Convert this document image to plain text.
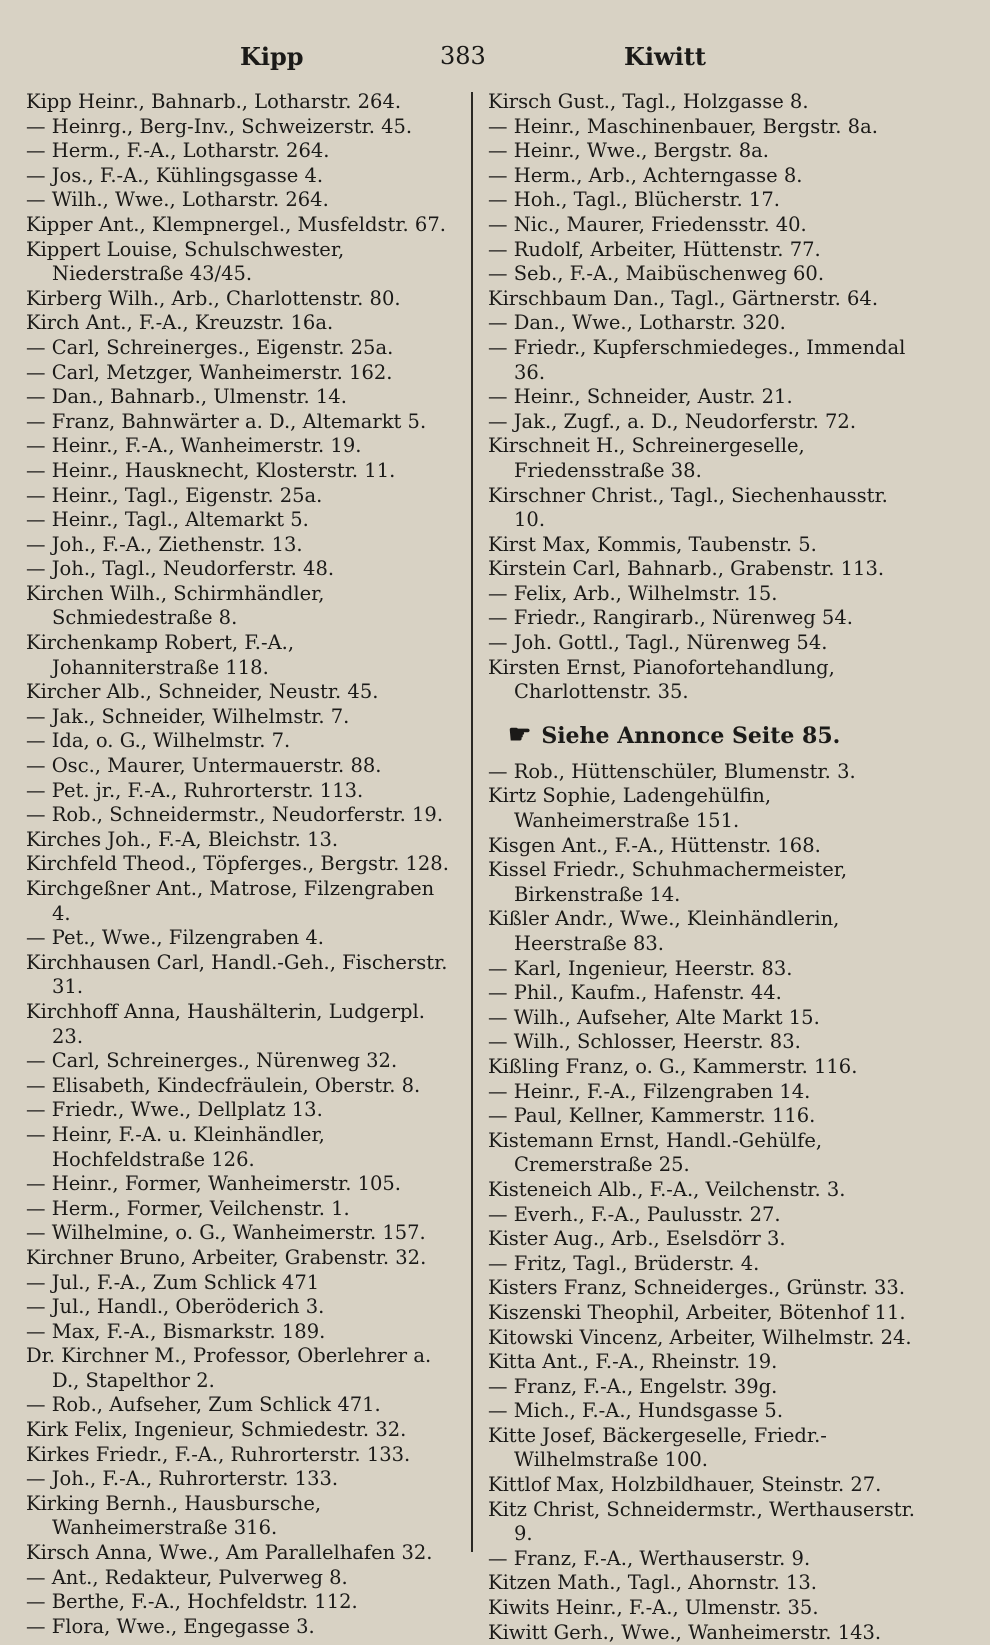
Kipp	383	Kiwitt
Kipp Heinr., Bahnarb., Lotharstr. 264.
— Heinrg., Berg-Inv., Schweizerstr. 45.
— Herm., F.-A., Lotharstr. 264.
— Jos., F.-A., Kühlingsgasse 4.
— Wilh., Wwe., Lotharstr. 264.
Kipper Ant., Klempnergel., Musfeldstr. 67.
Kippert Louise, Schulschwester, Niederstraße 43/45.
Kirberg Wilh., Arb., Charlottenstr. 80.
Kirch Ant., F.-A., Kreuzstr. 16a.
— Carl, Schreinerges., Eigenstr. 25a.
— Carl, Metzger, Wanheimerstr. 162.
— Dan., Bahnarb., Ulmenstr. 14.
— Franz, Bahnwärter a. D., Altemarkt 5.
— Heinr., F.-A., Wanheimerstr. 19.
— Heinr., Hausknecht, Klosterstr. 11.
— Heinr., Tagl., Eigenstr. 25a.
— Heinr., Tagl., Altemarkt 5.
— Joh., F.-A., Ziethenstr. 13.
— Joh., Tagl., Neudorferstr. 48.
Kirchen Wilh., Schirmhändler, Schmiedestraße 8.
Kirchenkamp Robert, F.-A., Johanniterstraße 118.
Kircher Alb., Schneider, Neustr. 45.
— Jak., Schneider, Wilhelmstr. 7.
— Ida, o. G., Wilhelmstr. 7.
— Osc., Maurer, Untermauerstr. 88.
— Pet. jr., F.-A., Ruhrorterstr. 113.
— Rob., Schneidermstr., Neudorferstr. 19.
Kirches Joh., F.-A, Bleichstr. 13.
Kirchfeld Theod., Töpferges., Bergstr. 128.
Kirchgeßner Ant., Matrose, Filzengraben 4.
— Pet., Wwe., Filzengraben 4.
Kirchhausen Carl, Handl.-Geh., Fischerstr. 31.
Kirchhoff Anna, Haushälterin, Ludgerpl. 23.
— Carl, Schreinerges., Nürenweg 32.
— Elisabeth, Kindecfräulein, Oberstr. 8.
— Friedr., Wwe., Dellplatz 13.
— Heinr, F.-A. u. Kleinhändler, Hochfeldstraße 126.
— Heinr., Former, Wanheimerstr. 105.
— Herm., Former, Veilchenstr. 1.
— Wilhelmine, o. G., Wanheimerstr. 157.
Kirchner Bruno, Arbeiter, Grabenstr. 32.
— Jul., F.-A., Zum Schlick 471
— Jul., Handl., Oberöderich 3.
— Max, F.-A., Bismarkstr. 189.
Dr. Kirchner M., Professor, Oberlehrer a. D., Stapelthor 2.
— Rob., Aufseher, Zum Schlick 471.
Kirk Felix, Ingenieur, Schmiedestr. 32.
Kirkes Friedr., F.-A., Ruhrorterstr. 133.
— Joh., F.-A., Ruhrorterstr. 133.
Kirking Bernh., Hausbursche, Wanheimerstraße 316.
Kirsch Anna, Wwe., Am Parallelhafen 32.
— Ant., Redakteur, Pulverweg 8.
— Berthe, F.-A., Hochfeldstr. 112.
— Flora, Wwe., Engegasse 3.
Kirsch Gust., Tagl., Holzgasse 8.
— Heinr., Maschinenbauer, Bergstr. 8a.
— Heinr., Wwe., Bergstr. 8a.
— Herm., Arb., Achterngasse 8.
— Hoh., Tagl., Blücherstr. 17.
— Nic., Maurer, Friedensstr. 40.
— Rudolf, Arbeiter, Hüttenstr. 77.
— Seb., F.-A., Maibüschenweg 60.
Kirschbaum Dan., Tagl., Gärtnerstr. 64.
— Dan., Wwe., Lotharstr. 320.
— Friedr., Kupferschmiedeges., Immendal 36.
— Heinr., Schneider, Austr. 21.
— Jak., Zugf., a. D., Neudorferstr. 72.
Kirschneit H., Schreinergeselle, Friedensstraße 38.
Kirschner Christ., Tagl., Siechenhausstr. 10.
Kirst Max, Kommis, Taubenstr. 5.
Kirstein Carl, Bahnarb., Grabenstr. 113.
— Felix, Arb., Wilhelmstr. 15.
— Friedr., Rangirarb., Nürenweg 54.
— Joh. Gottl., Tagl., Nürenweg 54.
Kirsten Ernst, Pianofortehandlung, Charlottenstr. 35.
☛ Siehe Annonce Seite 85.
— Rob., Hüttenschüler, Blumenstr. 3.
Kirtz Sophie, Ladengehülfin, Wanheimerstraße 151.
Kisgen Ant., F.-A., Hüttenstr. 168.
Kissel Friedr., Schuhmachermeister, Birkenstraße 14.
Kißler Andr., Wwe., Kleinhändlerin, Heerstraße 83.
— Karl, Ingenieur, Heerstr. 83.
— Phil., Kaufm., Hafenstr. 44.
— Wilh., Aufseher, Alte Markt 15.
— Wilh., Schlosser, Heerstr. 83.
Kißling Franz, o. G., Kammerstr. 116.
— Heinr., F.-A., Filzengraben 14.
— Paul, Kellner, Kammerstr. 116.
Kistemann Ernst, Handl.-Gehülfe, Cremerstraße 25.
Kisteneich Alb., F.-A., Veilchenstr. 3.
— Everh., F.-A., Paulusstr. 27.
Kister Aug., Arb., Eselsdörr 3.
— Fritz, Tagl., Brüderstr. 4.
Kisters Franz, Schneiderges., Grünstr. 33.
Kiszenski Theophil, Arbeiter, Bötenhof 11.
Kitowski Vincenz, Arbeiter, Wilhelmstr. 24.
Kitta Ant., F.-A., Rheinstr. 19.
— Franz, F.-A., Engelstr. 39g.
— Mich., F.-A., Hundsgasse 5.
Kitte Josef, Bäckergeselle, Friedr.-Wilhelmstraße 100.
Kittlof Max, Holzbildhauer, Steinstr. 27.
Kitz Christ, Schneidermstr., Werthauserstr. 9.
— Franz, F.-A., Werthauserstr. 9.
Kitzen Math., Tagl., Ahornstr. 13.
Kiwits Heinr., F.-A., Ulmenstr. 35.
Kiwitt Gerh., Wwe., Wanheimerstr. 143.
